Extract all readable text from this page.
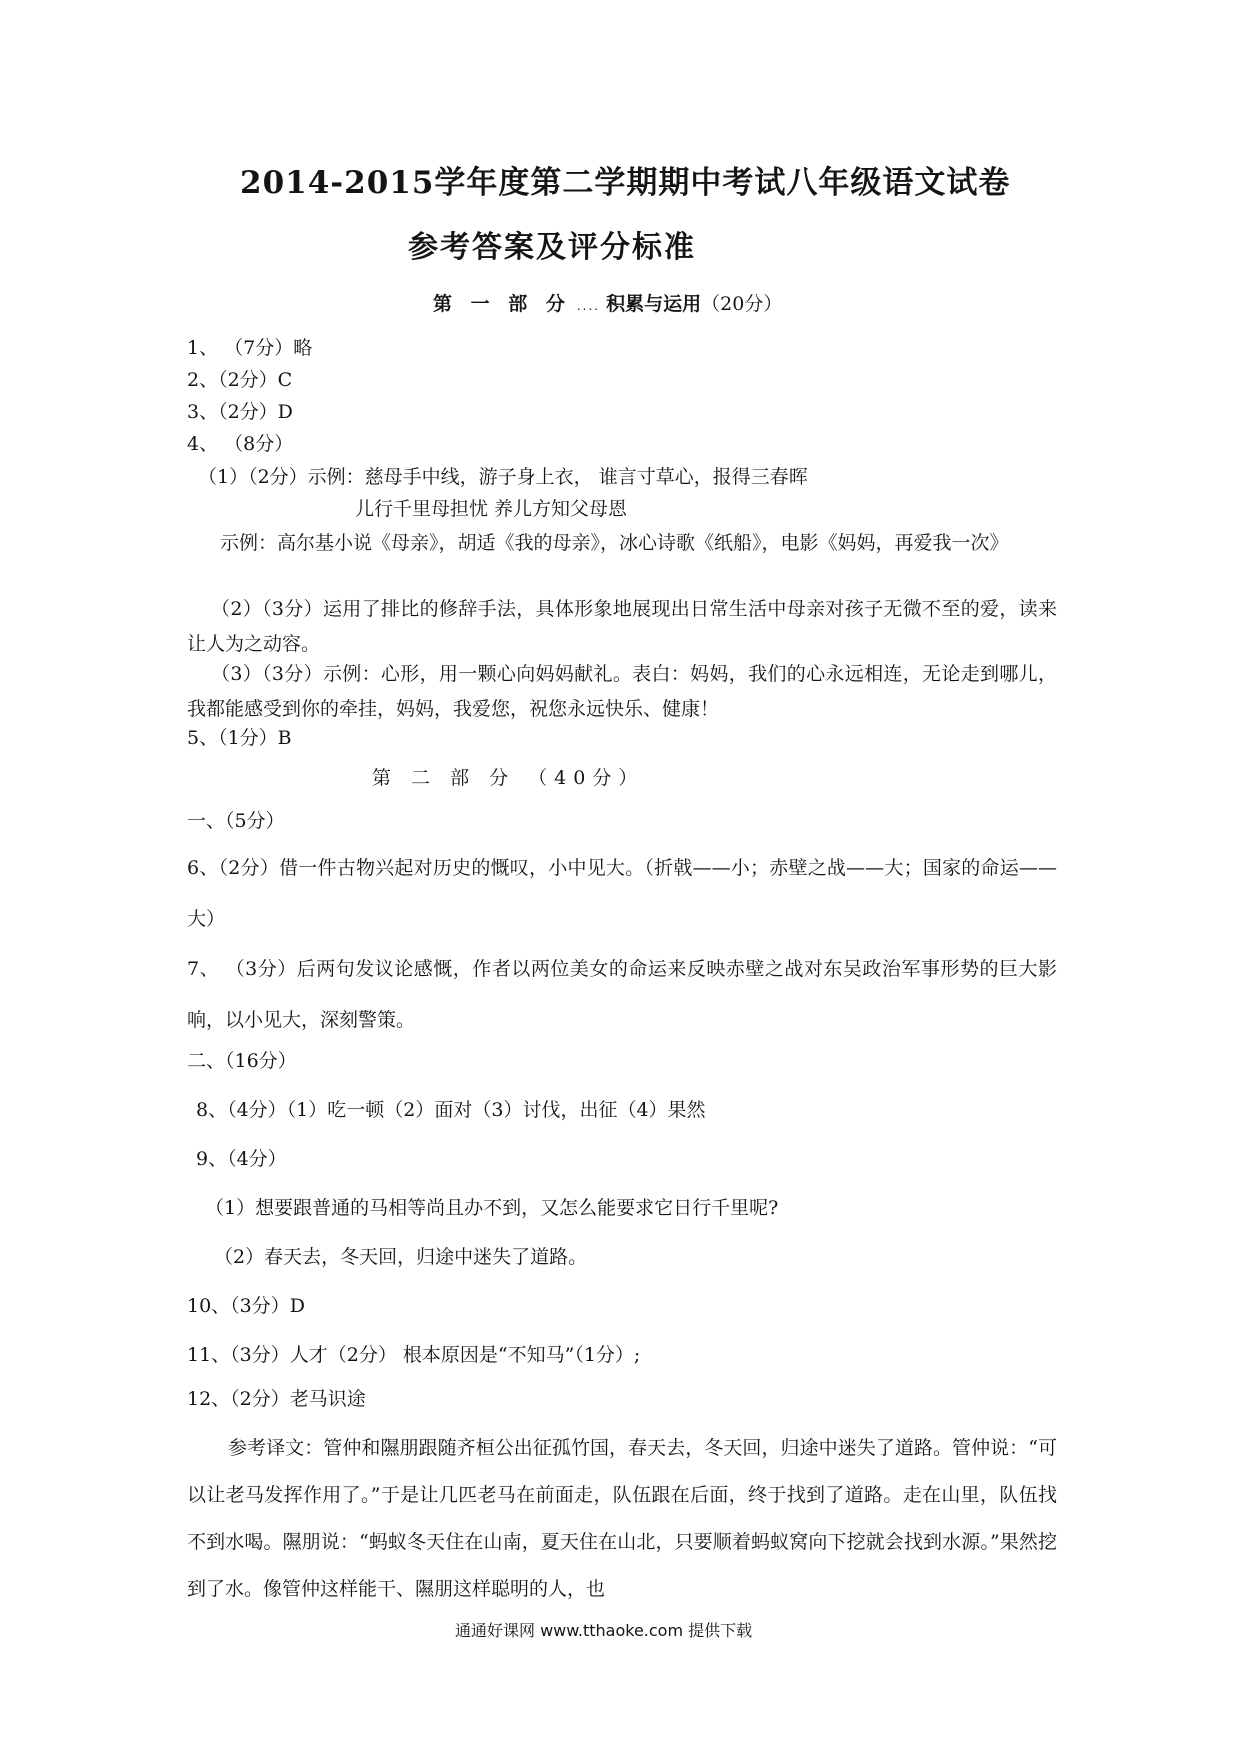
2014-2015学年度第二学期期中考试八年级语文试卷
参考答案及评分标准
第 一 部 分 .... 积累与运用（20分）
1、 （7分）略
2、（2分）C
3、（2分）D
4、 （8分）
（1）（2分）示例：慈母手中线，游子身上衣， 谁言寸草心，报得三春晖
儿行千里母担忧 养儿方知父母恩
示例：高尔基小说《母亲》，胡适《我的母亲》，冰心诗歌《纸船》，电影《妈妈，再爱我一次》
（2）（3分）运用了排比的修辞手法，具体形象地展现出日常生活中母亲对孩子无微不至的爱，读来让人为之动容。
（3）（3分）示例：心形，用一颗心向妈妈献礼。表白：妈妈，我们的心永远相连，无论走到哪儿，我都能感受到你的牵挂，妈妈，我爱您，祝您永远快乐、健康！
5、（1分）B
第 二 部 分 （40分）
一、（5分）
6、（2分）借一件古物兴起对历史的慨叹，小中见大。（折戟——小；赤壁之战——大；国家的命运——大）
7、 （3分）后两句发议论感慨，作者以两位美女的命运来反映赤壁之战对东吴政治军事形势的巨大影响，以小见大，深刻警策。
二、（16分）
8、（4分）（1）吃一顿（2）面对（3）讨伐，出征（4）果然
9、（4分）
（1）想要跟普通的马相等尚且办不到，又怎么能要求它日行千里呢?
（2）春天去，冬天回，归途中迷失了道路。
10、（3分）D
11、（3分）人才（2分） 根本原因是“不知马”（1分）;
12、（2分）老马识途
参考译文：管仲和隰朋跟随齐桓公出征孤竹国，春天去，冬天回，归途中迷失了道路。管仲说：“可以让老马发挥作用了。”于是让几匹老马在前面走，队伍跟在后面，终于找到了道路。走在山里，队伍找不到水喝。隰朋说：“蚂蚁冬天住在山南，夏天住在山北，只要顺着蚂蚁窝向下挖就会找到水源。”果然挖到了水。像管仲这样能干、隰朋这样聪明的人，也
通通好课网 www.tthaoke.com 提供下载
